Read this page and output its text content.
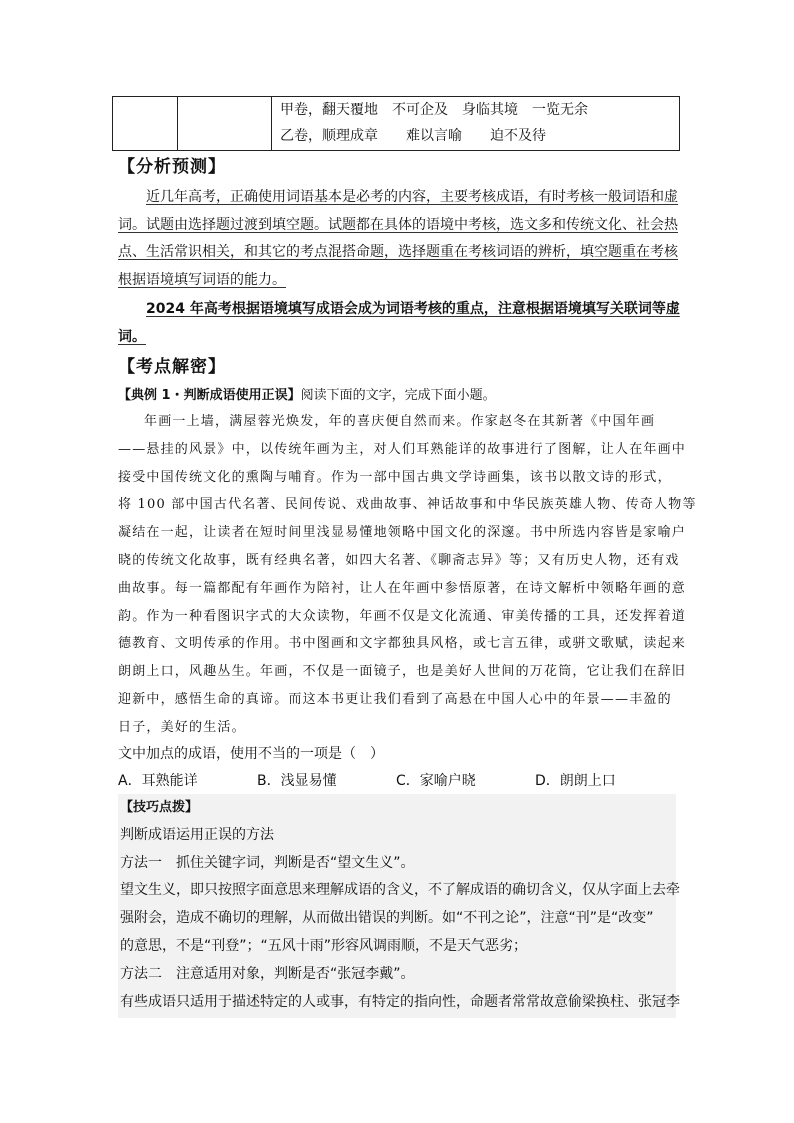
甲卷，翻天覆地　不可企及　身临其境　一览无余
乙卷，顺理成章　　难以言喻　　迫不及待
【分析预测】
近几年高考，正确使用词语基本是必考的内容，主要考核成语，有时考核一般词语和虚
词。试题由选择题过渡到填空题。试题都在具体的语境中考核，选文多和传统文化、社会热
点、生活常识相关，和其它的考点混搭命题，选择题重在考核词语的辨析，填空题重在考核
根据语境填写词语的能力。
2024 年高考根据语境填写成语会成为词语考核的重点，注意根据语境填写关联词等虚
词。
【考点解密】
【典例 1・判断成语使用正误】阅读下面的文字，完成下面小题。
年画一上墙，满屋蓉光焕发，年的喜庆便自然而来。作家赵冬在其新著《中国年画
——悬挂的风景》中，以传统年画为主，对人们耳熟能详的故事进行了图解，让人在年画中
接受中国传统文化的熏陶与哺育。作为一部中国古典文学诗画集，该书以散文诗的形式，
将 100 部中国古代名著、民间传说、戏曲故事、神话故事和中华民族英雄人物、传奇人物等
凝结在一起，让读者在短时间里浅显易懂地领略中国文化的深邃。书中所选内容皆是家喻户
晓的传统文化故事，既有经典名著，如四大名著、《聊斋志异》等；又有历史人物，还有戏
曲故事。每一篇都配有年画作为陪衬，让人在年画中参悟原著，在诗文解析中领略年画的意
韵。作为一种看图识字式的大众读物，年画不仅是文化流通、审美传播的工具，还发挥着道
德教育、文明传承的作用。书中图画和文字都独具风格，或七言五律，或骈文歌赋，读起来
朗朗上口，风趣丛生。年画，不仅是一面镜子，也是美好人世间的万花筒，它让我们在辞旧
迎新中，感悟生命的真谛。而这本书更让我们看到了高悬在中国人心中的年景——丰盈的
日子，美好的生活。
文中加点的成语，使用不当的一项是（　）
A．耳熟能详	B．浅显易懂	C．家喻户晓	D．朗朗上口
【技巧点拨】
判断成语运用正误的方法
方法一　抓住关键字词，判断是否“望文生义”。
望文生义，即只按照字面意思来理解成语的含义，不了解成语的确切含义，仅从字面上去牵
强附会，造成不确切的理解，从而做出错误的判断。如“不刊之论”，注意“刊”是“改变”
的意思，不是“刊登”；“五风十雨”形容风调雨顺，不是天气恶劣；
方法二　注意适用对象，判断是否“张冠李戴”。
有些成语只适用于描述特定的人或事，有特定的指向性，命题者常常故意偷梁换柱、张冠李
